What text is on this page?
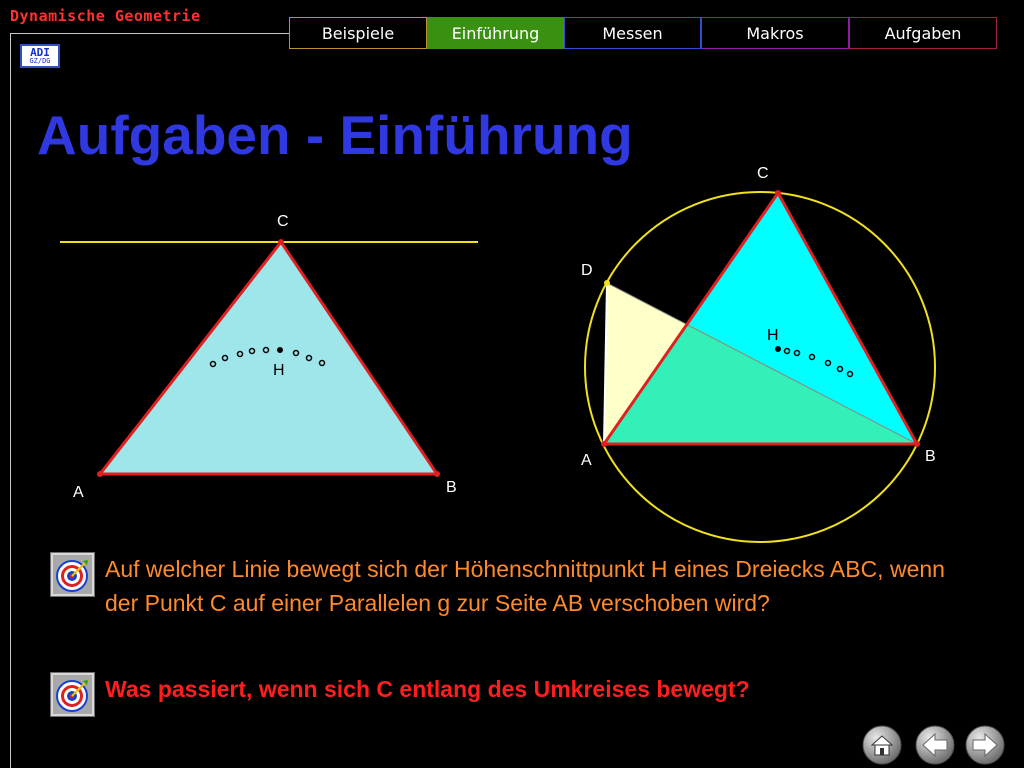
Dynamische Geometrie
ADI
GZ/DG
Beispiele	Einführung	Messen	Makros	Aufgaben
Aufgaben - Einführung
C
H
A	B
C
D
H
A	B
Auf welcher Linie bewegt sich der Höhenschnittpunkt H eines Dreiecks ABC, wenn der Punkt C auf einer Parallelen g zur Seite AB verschoben wird?
Was passiert, wenn sich C entlang des Umkreises bewegt?
